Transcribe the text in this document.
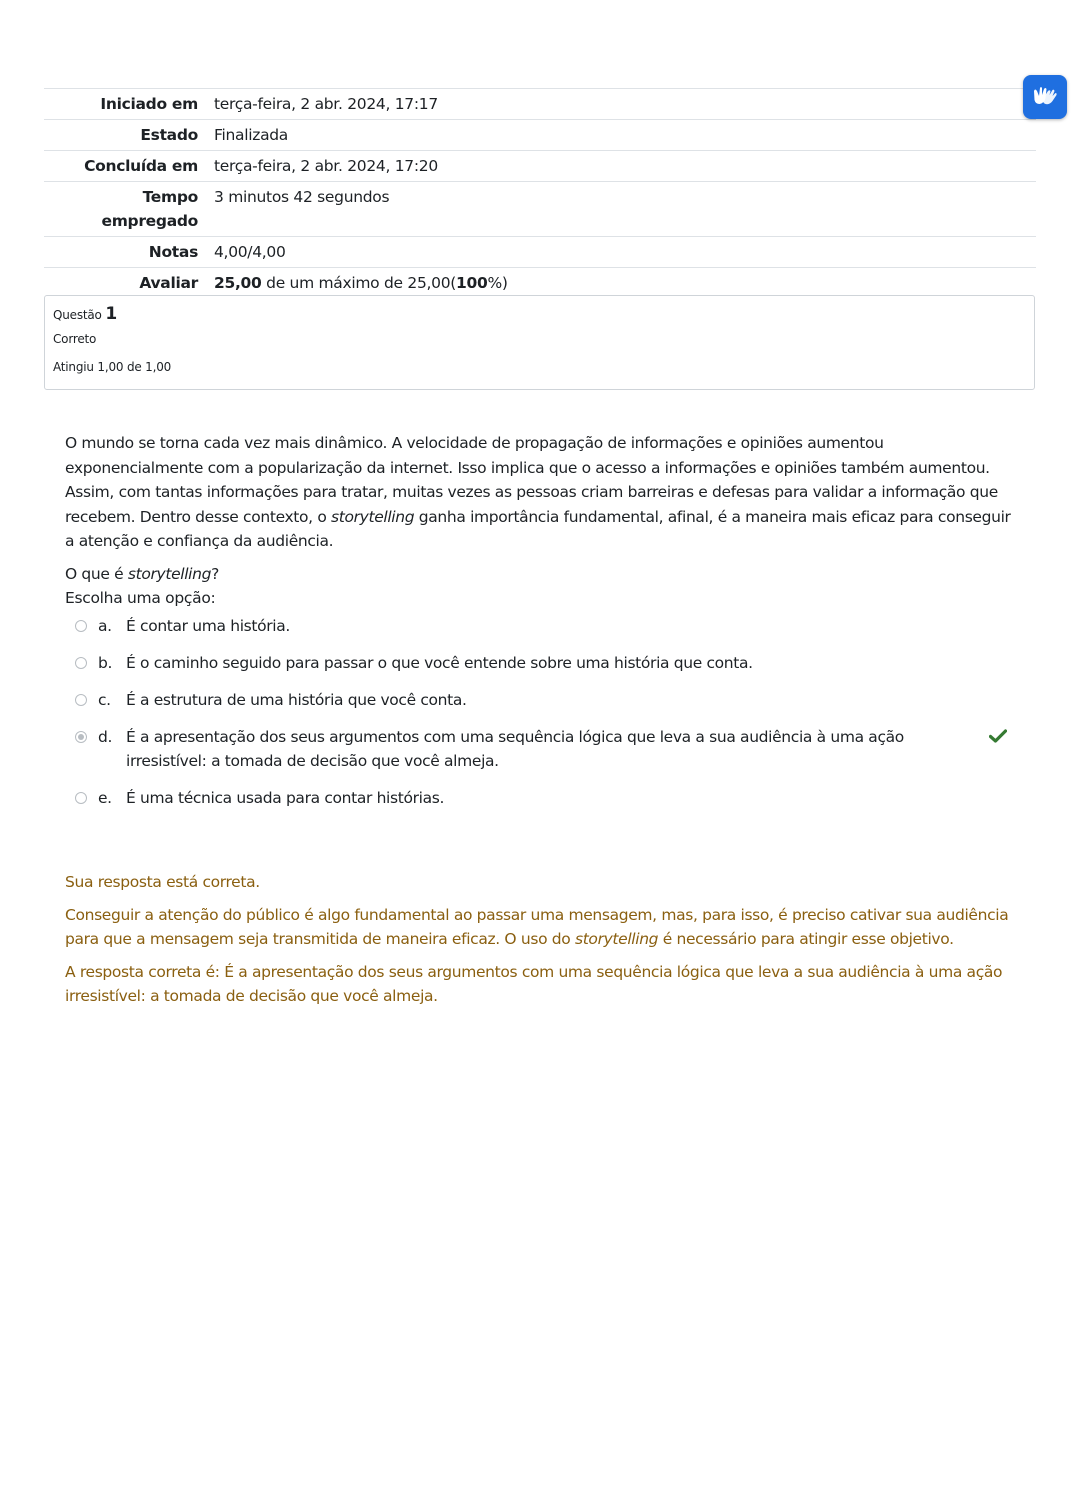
Iniciado em	terça-feira, 2 abr. 2024, 17:17
Estado	Finalizada
Concluída em	terça-feira, 2 abr. 2024, 17:20
Tempo empregado	3 minutos 42 segundos
Notas	4,00/4,00
Avaliar	25,00 de um máximo de 25,00(100%)
Questão 1
Correto
Atingiu 1,00 de 1,00

O mundo se torna cada vez mais dinâmico. A velocidade de propagação de informações e opiniões aumentou exponencialmente com a popularização da internet. Isso implica que o acesso a informações e opiniões também aumentou. Assim, com tantas informações para tratar, muitas vezes as pessoas criam barreiras e defesas para validar a informação que recebem. Dentro desse contexto, o storytelling ganha importância fundamental, afinal, é a maneira mais eficaz para conseguir a atenção e confiança da audiência.

O que é storytelling?

Escolha uma opção:
a. É contar uma história.
b. É o caminho seguido para passar o que você entende sobre uma história que conta.
c. É a estrutura de uma história que você conta.
d. É a apresentação dos seus argumentos com uma sequência lógica que leva a sua audiência à uma ação irresistível: a tomada de decisão que você almeja.
e. É uma técnica usada para contar histórias.

Sua resposta está correta.

Conseguir a atenção do público é algo fundamental ao passar uma mensagem, mas, para isso, é preciso cativar sua audiência para que a mensagem seja transmitida de maneira eficaz. O uso do storytelling é necessário para atingir esse objetivo.

A resposta correta é: É a apresentação dos seus argumentos com uma sequência lógica que leva a sua audiência à uma ação irresistível: a tomada de decisão que você almeja.
